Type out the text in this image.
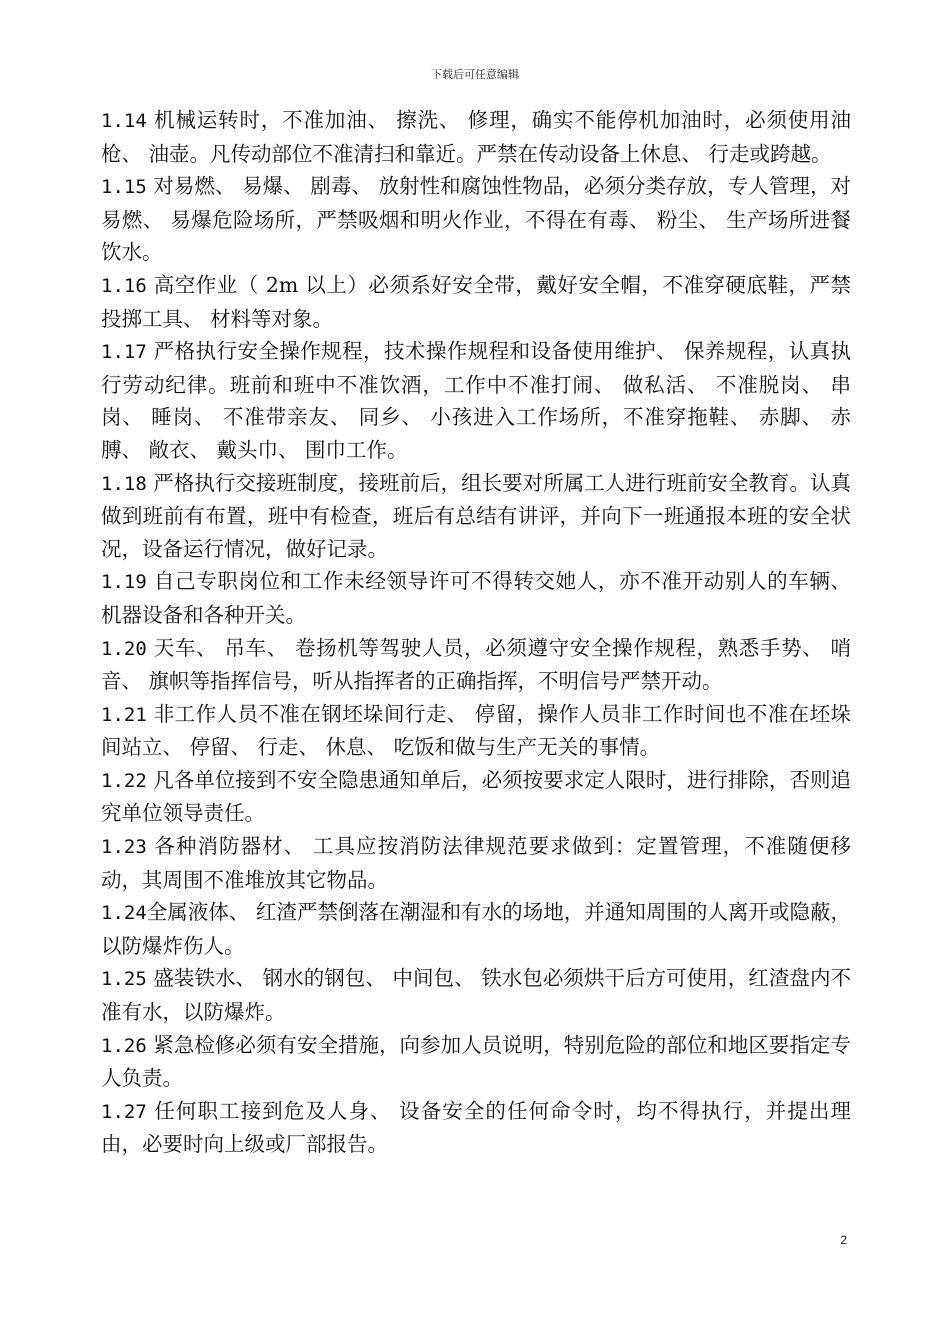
下载后可任意编辑

1.14 机械运转时，不准加油、 擦洗、 修理，确实不能停机加油时，必须使用油枪、 油壶。凡传动部位不准清扫和靠近。严禁在传动设备上休息、 行走或跨越。

1.15 对易燃、 易爆、 剧毒、 放射性和腐蚀性物品，必须分类存放，专人管理，对易燃、 易爆危险场所，严禁吸烟和明火作业，不得在有毒、 粉尘、 生产场所进餐饮水。

1.16 高空作业（ 2m 以上）必须系好安全带，戴好安全帽，不准穿硬底鞋，严禁投掷工具、 材料等对象。

1.17 严格执行安全操作规程，技术操作规程和设备使用维护、 保养规程，认真执行劳动纪律。班前和班中不准饮酒，工作中不准打闹、 做私活、 不准脱岗、 串岗、 睡岗、 不准带亲友、 同乡、 小孩进入工作场所，不准穿拖鞋、 赤脚、 赤膊、 敞衣、 戴头巾、 围巾工作。

1.18 严格执行交接班制度，接班前后，组长要对所属工人进行班前安全教育。认真做到班前有布置，班中有检查，班后有总结有讲评，并向下一班通报本班的安全状况，设备运行情况，做好记录。

1.19 自己专职岗位和工作未经领导许可不得转交她人，亦不准开动别人的车辆、 机器设备和各种开关。

1.20 天车、 吊车、 卷扬机等驾驶人员，必须遵守安全操作规程，熟悉手势、 哨音、 旗帜等指挥信号，听从指挥者的正确指挥，不明信号严禁开动。

1.21 非工作人员不准在钢坯垛间行走、 停留，操作人员非工作时间也不准在坯垛间站立、 停留、 行走、 休息、 吃饭和做与生产无关的事情。

1.22 凡各单位接到不安全隐患通知单后，必须按要求定人限时，进行排除，否则追究单位领导责任。

1.23 各种消防器材、 工具应按消防法律规范要求做到：定置管理，不准随便移动，其周围不准堆放其它物品。

1.24全属液体、 红渣严禁倒落在潮湿和有水的场地，并通知周围的人离开或隐蔽，以防爆炸伤人。

1.25 盛装铁水、 钢水的钢包、 中间包、 铁水包必须烘干后方可使用，红渣盘内不准有水，以防爆炸。

1.26 紧急检修必须有安全措施，向参加人员说明，特别危险的部位和地区要指定专人负责。

1.27 任何职工接到危及人身、 设备安全的任何命令时，均不得执行，并提出理由，必要时向上级或厂部报告。

2
